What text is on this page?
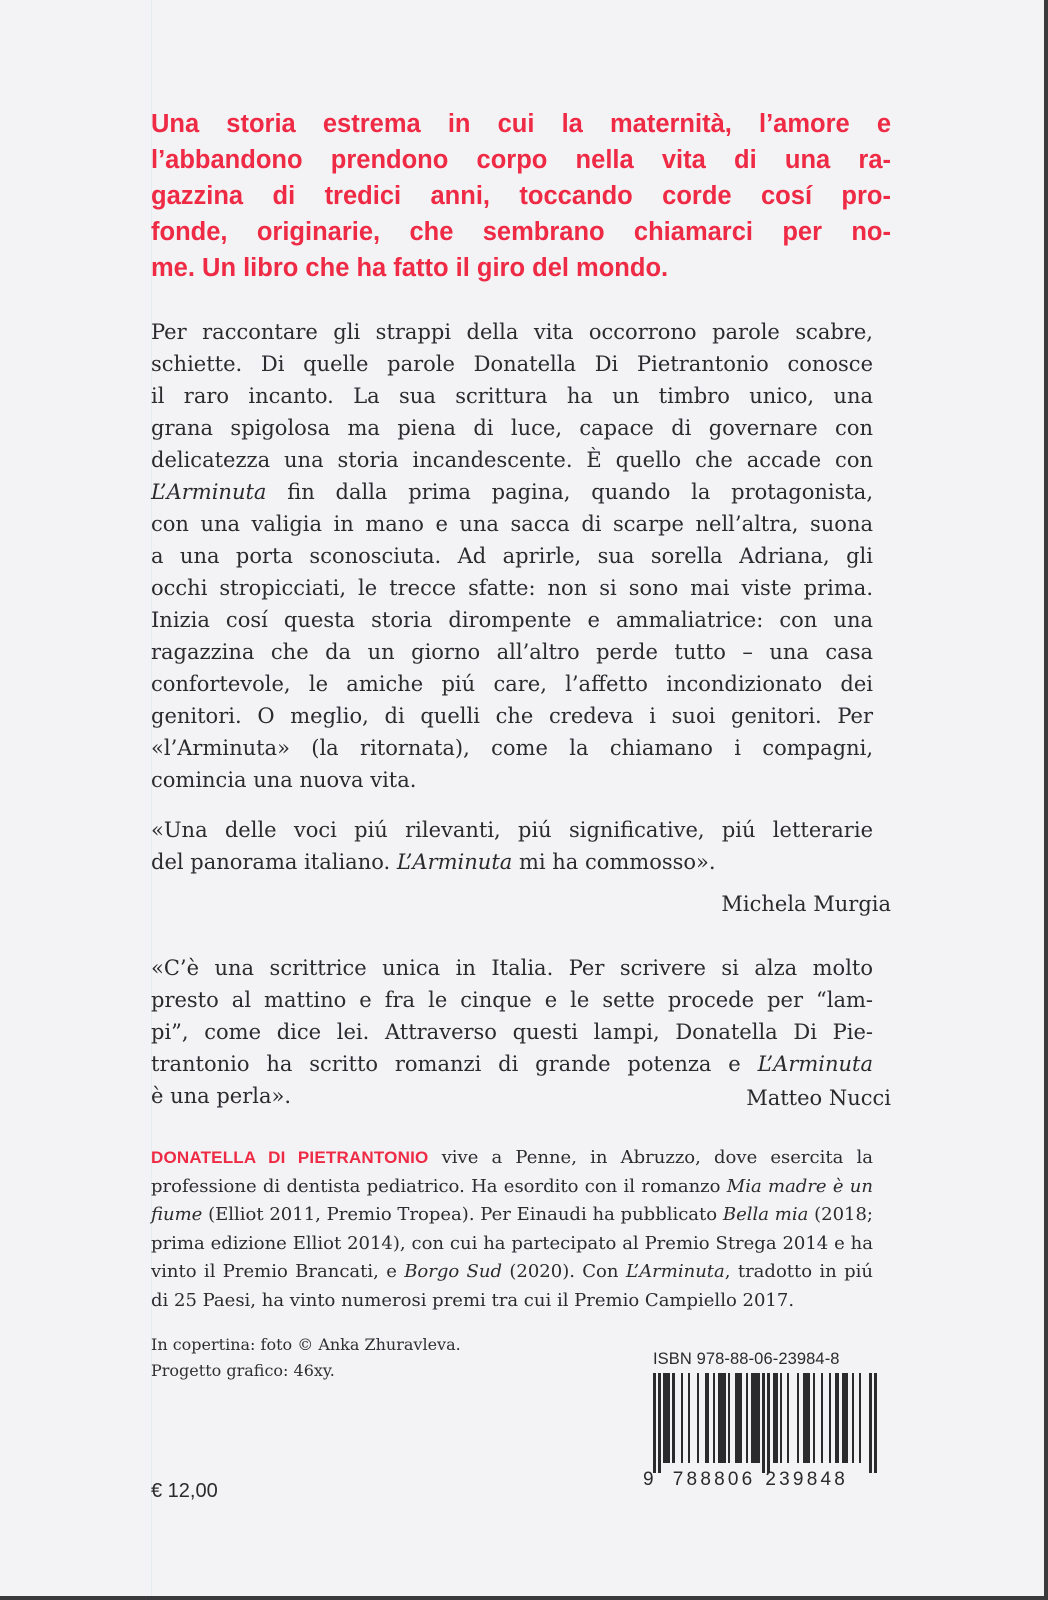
Una storia estrema in cui la maternità, l’amore e
l’abbandono prendono corpo nella vita di una ra-
gazzina di tredici anni, toccando corde cosí pro-
fonde, originarie, che sembrano chiamarci per no-
me. Un libro che ha fatto il giro del mondo.

Per raccontare gli strappi della vita occorrono parole scabre,
schiette. Di quelle parole Donatella Di Pietrantonio conosce
il raro incanto. La sua scrittura ha un timbro unico, una
grana spigolosa ma piena di luce, capace di governare con
delicatezza una storia incandescente. È quello che accade con
L’Arminuta fin dalla prima pagina, quando la protagonista,
con una valigia in mano e una sacca di scarpe nell’altra, suona
a una porta sconosciuta. Ad aprirle, sua sorella Adriana, gli
occhi stropicciati, le trecce sfatte: non si sono mai viste prima.
Inizia cosí questa storia dirompente e ammaliatrice: con una
ragazzina che da un giorno all’altro perde tutto – una casa
confortevole, le amiche piú care, l’affetto incondizionato dei
genitori. O meglio, di quelli che credeva i suoi genitori. Per
«l’Arminuta» (la ritornata), come la chiamano i compagni,
comincia una nuova vita.

«Una delle voci piú rilevanti, piú significative, piú letterarie
del panorama italiano. L’Arminuta mi ha commosso».

Michela Murgia

«C’è una scrittrice unica in Italia. Per scrivere si alza molto
presto al mattino e fra le cinque e le sette procede per “lam-
pi”, come dice lei. Attraverso questi lampi, Donatella Di Pie-
trantonio ha scritto romanzi di grande potenza e L’Arminuta
è una perla».	Matteo Nucci

DONATELLA DI PIETRANTONIO vive a Penne, in Abruzzo, dove esercita la
professione di dentista pediatrico. Ha esordito con il romanzo Mia madre è un
fiume (Elliot 2011, Premio Tropea). Per Einaudi ha pubblicato Bella mia (2018;
prima edizione Elliot 2014), con cui ha partecipato al Premio Strega 2014 e ha
vinto il Premio Brancati, e Borgo Sud (2020). Con L’Arminuta, tradotto in piú
di 25 Paesi, ha vinto numerosi premi tra cui il Premio Campiello 2017.

In copertina: foto © Anka Zhuravleva.
Progetto grafico: 46xy.
€ 12,00
ISBN 978-88-06-23984-8
9 788806 239848
